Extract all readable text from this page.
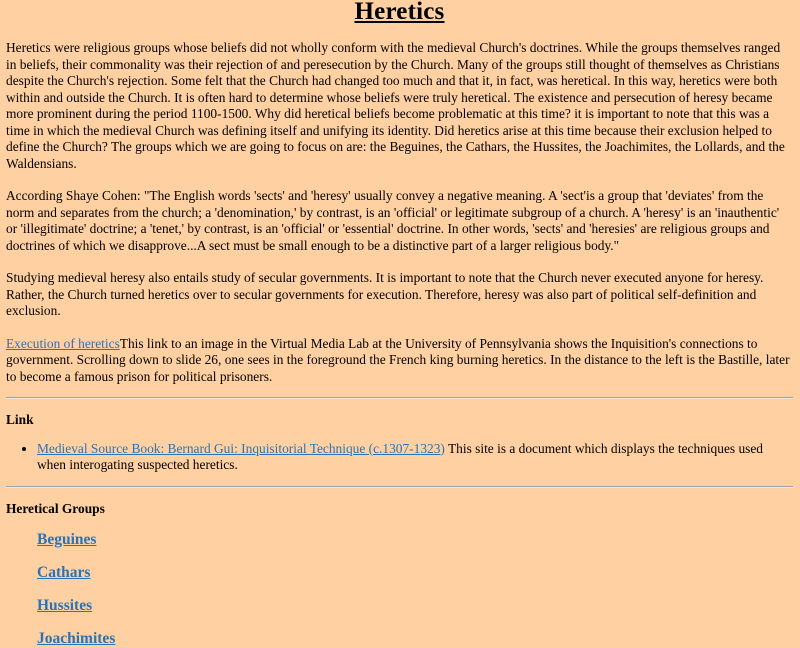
Heretics

Heretics were religious groups whose beliefs did not wholly conform with the medieval Church's doctrines. While the groups themselves ranged in beliefs, their commonality was their rejection of and peresecution by the Church. Many of the groups still thought of themselves as Christians despite the Church's rejection. Some felt that the Church had changed too much and that it, in fact, was heretical. In this way, heretics were both within and outside the Church. It is often hard to determine whose beliefs were truly heretical. The existence and persecution of heresy became more prominent during the period 1100-1500. Why did heretical beliefs become problematic at this time? it is important to note that this was a time in which the medieval Church was defining itself and unifying its identity. Did heretics arise at this time because their exclusion helped to define the Church? The groups which we are going to focus on are: the Beguines, the Cathars, the Hussites, the Joachimites, the Lollards, and the Waldensians.

According Shaye Cohen: "The English words 'sects' and 'heresy' usually convey a negative meaning. A 'sect'is a group that 'deviates' from the norm and separates from the church; a 'denomination,' by contrast, is an 'official' or legitimate subgroup of a church. A 'heresy' is an 'inauthentic' or 'illegitimate' doctrine; a 'tenet,' by contrast, is an 'official' or 'essential' doctrine. In other words, 'sects' and 'heresies' are religious groups and doctrines of which we disapprove...A sect must be small enough to be a distinctive part of a larger religious body."

Studying medieval heresy also entails study of secular governments. It is important to note that the Church never executed anyone for heresy. Rather, the Church turned heretics over to secular governments for execution. Therefore, heresy was also part of political self-definition and exclusion.

Execution of hereticsThis link to an image in the Virtual Media Lab at the University of Pennsylvania shows the Inquisition's connections to government. Scrolling down to slide 26, one sees in the foreground the French king burning heretics. In the distance to the left is the Bastille, later to become a famous prison for political prisoners.

Link
• Medieval Source Book: Bernard Gui: Inquisitorial Technique (c.1307-1323) This site is a document which displays the techniques used when interogating suspected heretics.
Heretical Groups
Beguines
Cathars
Hussites
Joachimites
